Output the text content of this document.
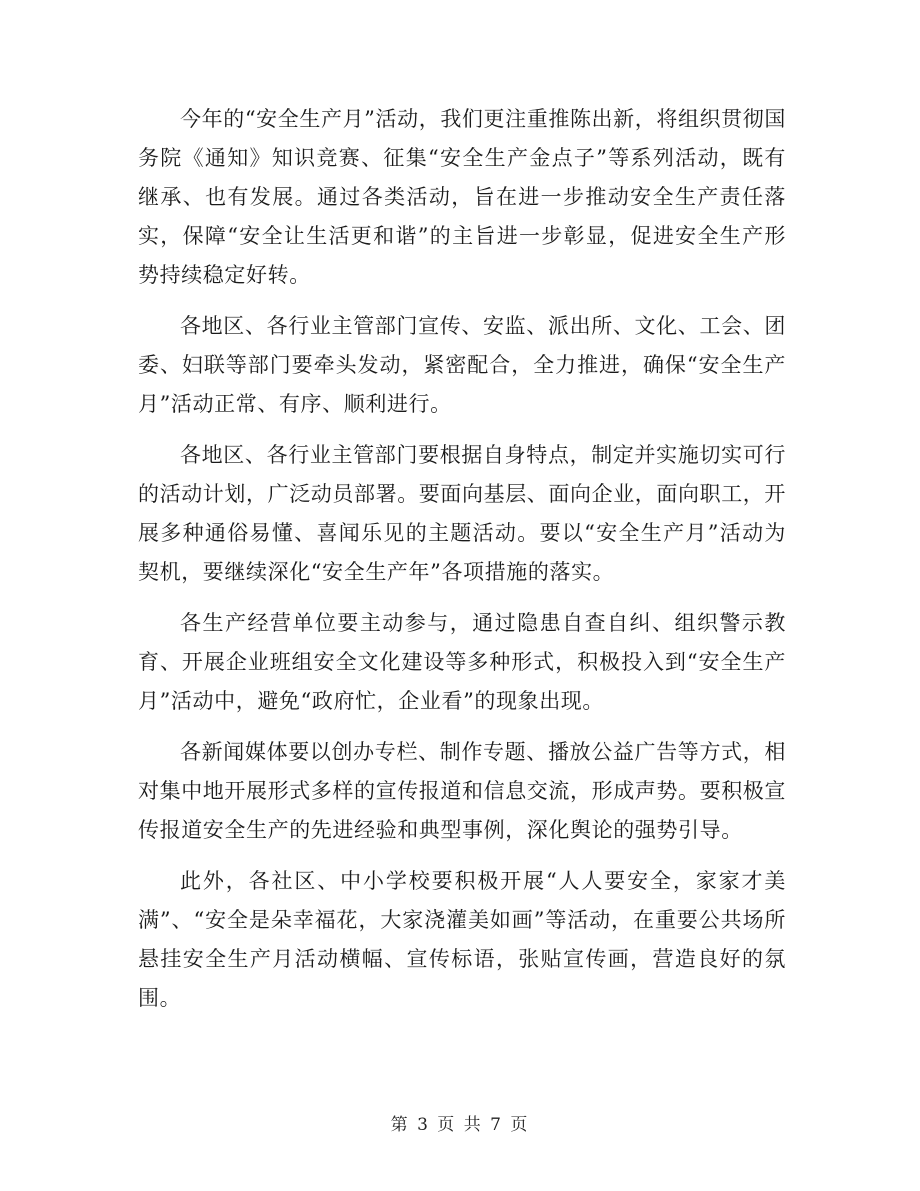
今年的“安全生产月”活动，我们更注重推陈出新，将组织贯彻国务院《通知》知识竞赛、征集“安全生产金点子”等系列活动，既有继承、也有发展。通过各类活动，旨在进一步推动安全生产责任落实，保障“安全让生活更和谐”的主旨进一步彰显，促进安全生产形势持续稳定好转。

各地区、各行业主管部门宣传、安监、派出所、文化、工会、团委、妇联等部门要牵头发动，紧密配合，全力推进，确保“安全生产月”活动正常、有序、顺利进行。

各地区、各行业主管部门要根据自身特点，制定并实施切实可行的活动计划，广泛动员部署。要面向基层、面向企业，面向职工，开展多种通俗易懂、喜闻乐见的主题活动。要以“安全生产月”活动为契机，要继续深化“安全生产年”各项措施的落实。

各生产经营单位要主动参与，通过隐患自查自纠、组织警示教育、开展企业班组安全文化建设等多种形式，积极投入到“安全生产月”活动中，避免“政府忙，企业看”的现象出现。

各新闻媒体要以创办专栏、制作专题、播放公益广告等方式，相对集中地开展形式多样的宣传报道和信息交流，形成声势。要积极宣传报道安全生产的先进经验和典型事例，深化舆论的强势引导。

此外，各社区、中小学校要积极开展“人人要安全，家家才美满”、“安全是朵幸福花，大家浇灌美如画”等活动，在重要公共场所悬挂安全生产月活动横幅、宣传标语，张贴宣传画，营造良好的氛围。

第 3 页 共 7 页
